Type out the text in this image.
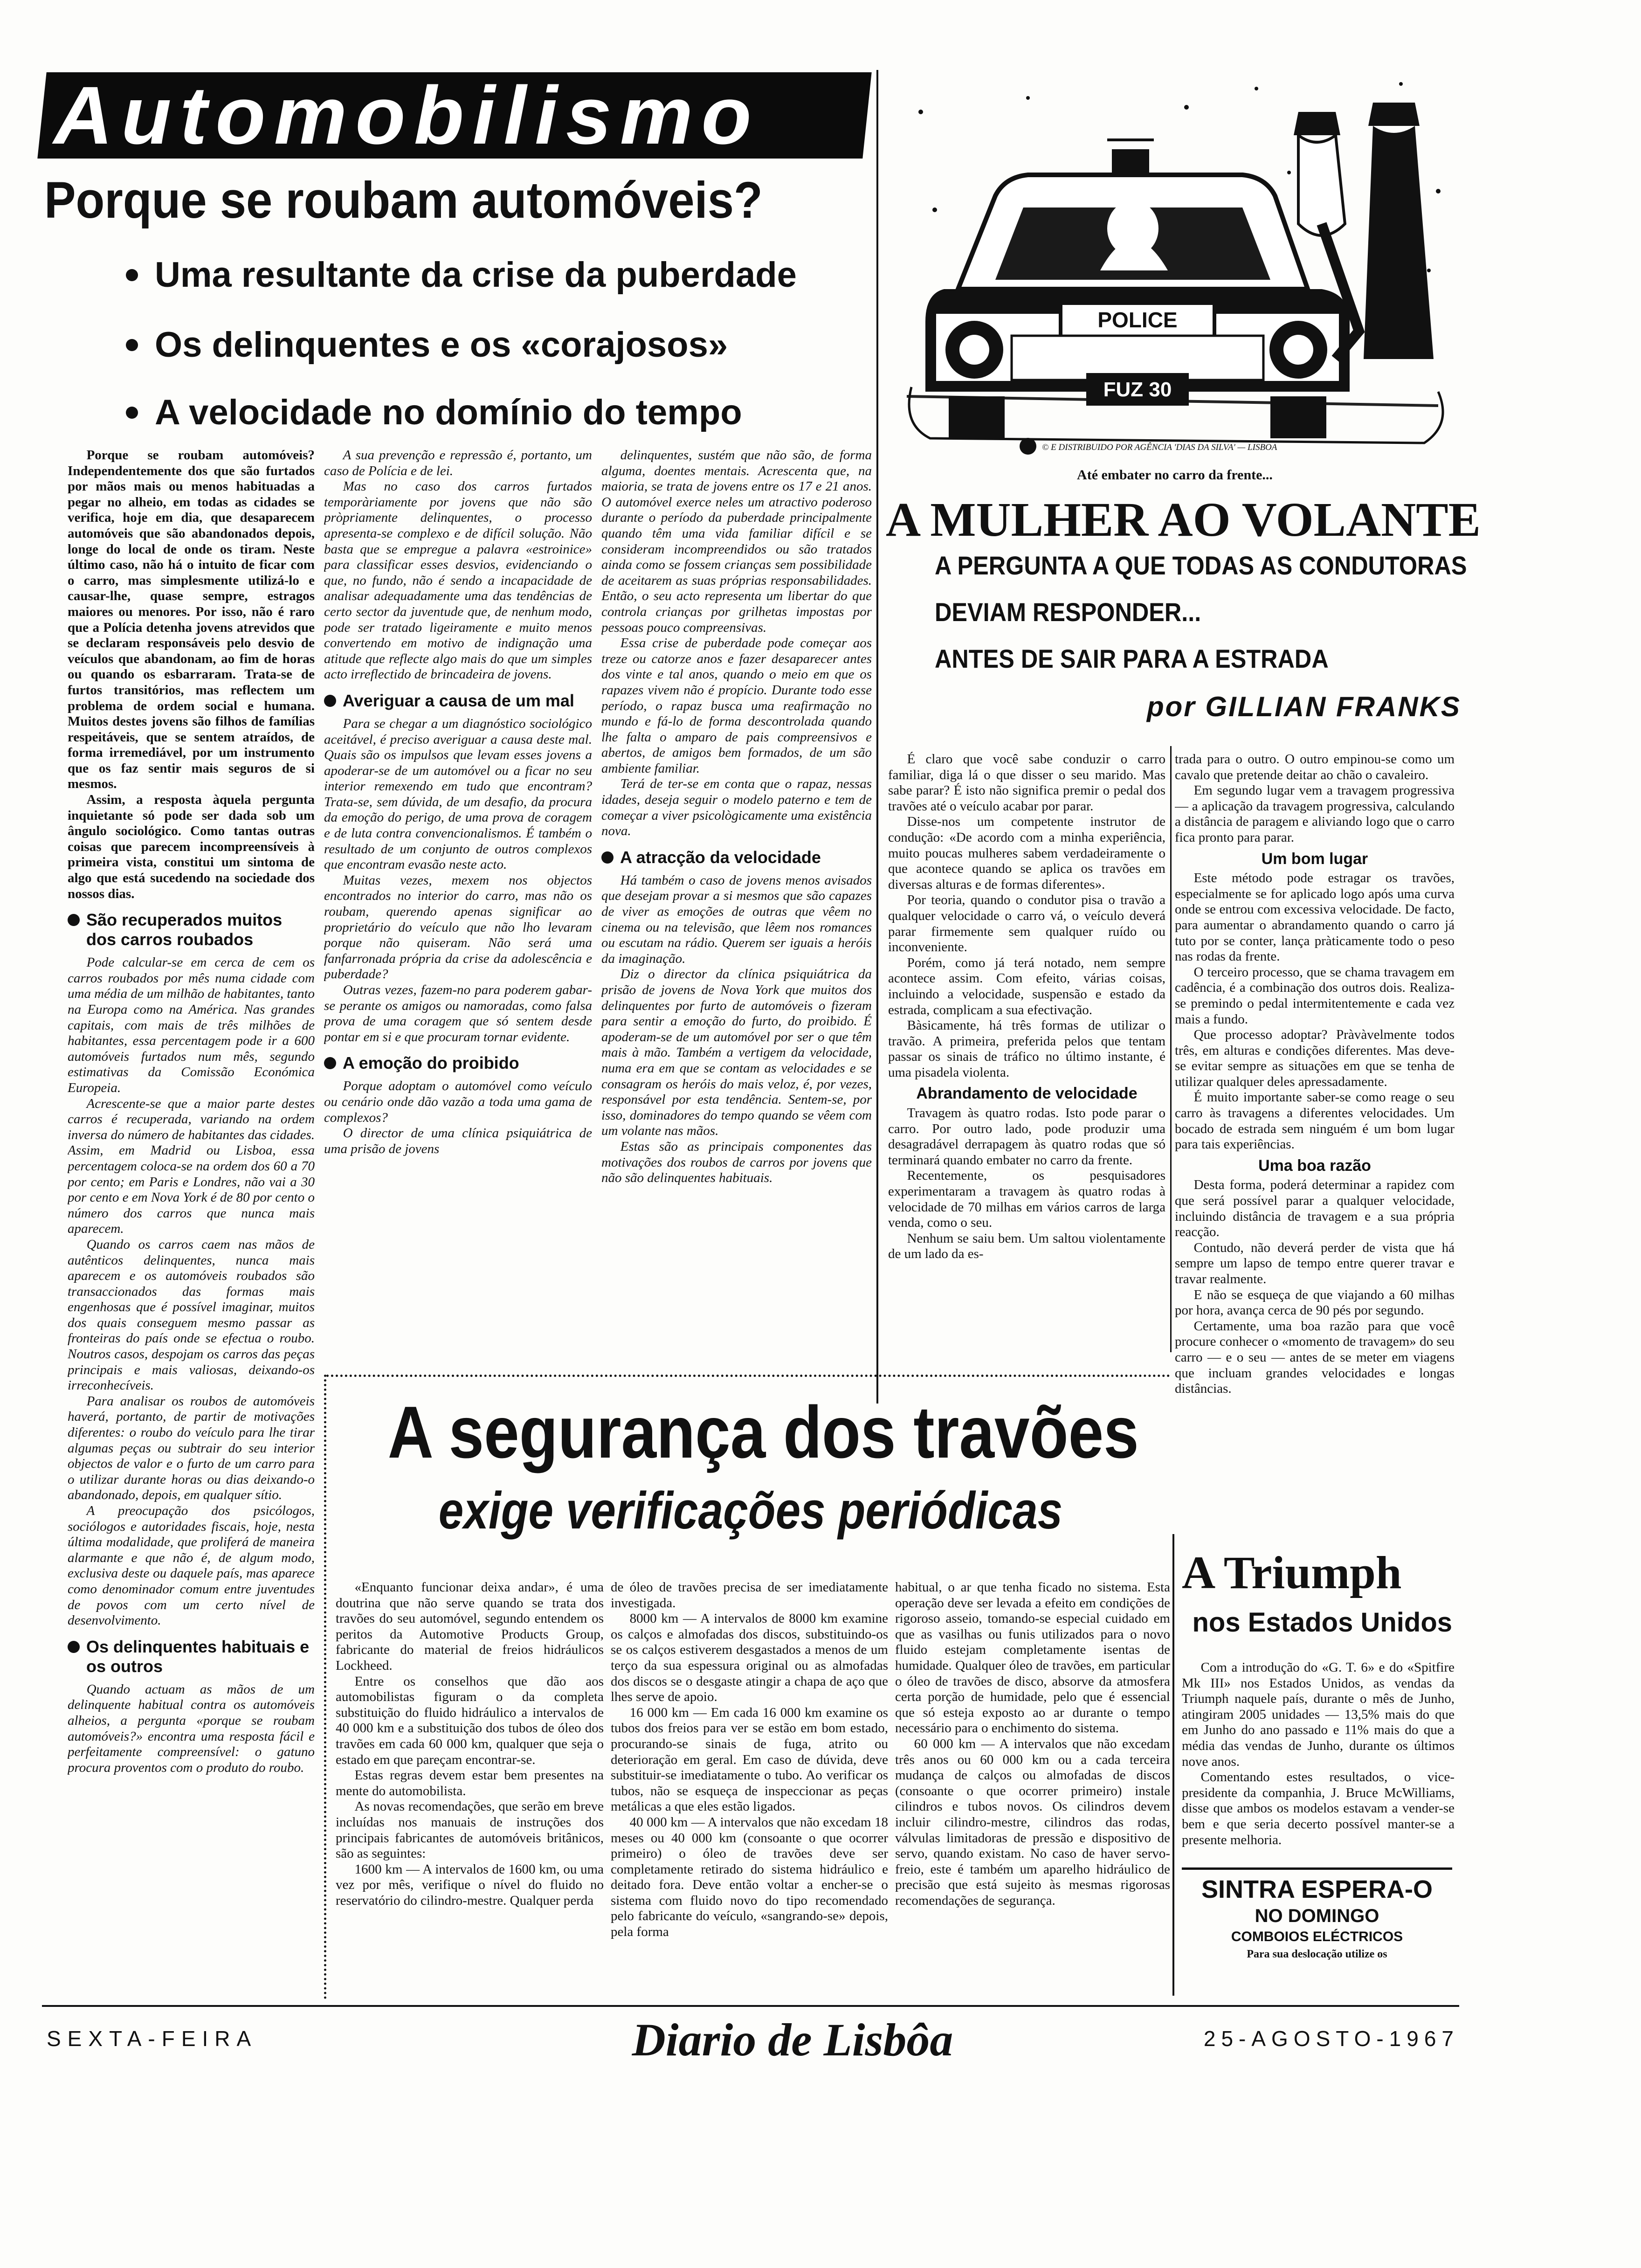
Automobilismo
Porque se roubam automóveis?
Uma resultante da crise da puberdade
Os delinquentes e os «corajosos»
A velocidade no domínio do tempo

Porque se roubam automóveis? Independentemente dos que são furtados por mãos mais ou menos habituadas a pegar no alheio, em todas as cidades se verifica, hoje em dia, que desaparecem automóveis que são abandonados depois, longe do local de onde os tiram. Neste último caso, não há o intuito de ficar com o carro, mas simplesmente utilizá-lo e causar-lhe, quase sempre, estragos maiores ou menores. Por isso, não é raro que a Polícia detenha jovens atrevidos que se declaram responsáveis pelo desvio de veículos que abandonam, ao fim de horas ou quando os esbarraram. Trata-se de furtos transitórios, mas reflectem um problema de ordem social e humana. Muitos destes jovens são filhos de famílias respeitáveis, que se sentem atraídos, de forma irremediável, por um instrumento que os faz sentir mais seguros de si mesmos.

Assim, a resposta àquela pergunta inquietante só pode ser dada sob um ângulo sociológico. Como tantas outras coisas que parecem incompreensíveis à primeira vista, constitui um sintoma de algo que está sucedendo na sociedade dos nossos dias.

São recuperados muitos dos carros roubados

Pode calcular-se em cerca de cem os carros roubados por mês numa cidade com uma média de um milhão de habitantes, tanto na Europa como na América. Nas grandes capitais, com mais de três milhões de habitantes, essa percentagem pode ir a 600 automóveis furtados num mês, segundo estimativas da Comissão Económica Europeia.

Acrescente-se que a maior parte destes carros é recuperada, variando na ordem inversa do número de habitantes das cidades. Assim, em Madrid ou Lisboa, essa percentagem coloca-se na ordem dos 60 a 70 por cento; em Paris e Londres, não vai a 30 por cento e em Nova York é de 80 por cento o número dos carros que nunca mais aparecem.

Quando os carros caem nas mãos de autênticos delinquentes, nunca mais aparecem e os automóveis roubados são transaccionados das formas mais engenhosas que é possível imaginar, muitos dos quais conseguem mesmo passar as fronteiras do país onde se efectua o roubo. Noutros casos, despojam os carros das peças principais e mais valiosas, deixando-os irreconhecíveis.

Para analisar os roubos de automóveis haverá, portanto, de partir de motivações diferentes: o roubo do veículo para lhe tirar algumas peças ou subtrair do seu interior objectos de valor e o furto de um carro para o utilizar durante horas ou dias deixando-o abandonado, depois, em qualquer sítio.

A preocupação dos psicólogos, sociólogos e autoridades fiscais, hoje, nesta última modalidade, que proliferá de maneira alarmante e que não é, de algum modo, exclusiva deste ou daquele país, mas aparece como denominador comum entre juventudes de povos com um certo nível de desenvolvimento.

Os delinquentes habituais e os outros

Quando actuam as mãos de um delinquente habitual contra os automóveis alheios, a pergunta «porque se roubam automóveis?» encontra uma resposta fácil e perfeitamente compreensível: o gatuno procura proventos com o produto do roubo.

A sua prevenção e repressão é, portanto, um caso de Polícia e de lei.

Mas no caso dos carros furtados temporàriamente por jovens que não são pròpriamente delinquentes, o processo apresenta-se complexo e de difícil solução. Não basta que se empregue a palavra «estroinice» para classificar esses desvios, evidenciando o que, no fundo, não é sendo a incapacidade de analisar adequadamente uma das tendências de certo sector da juventude que, de nenhum modo, pode ser tratado ligeiramente e muito menos convertendo em motivo de indignação uma atitude que reflecte algo mais do que um simples acto irreflectido de brincadeira de jovens.

Averiguar a causa de um mal

Para se chegar a um diagnóstico sociológico aceitável, é preciso averiguar a causa deste mal. Quais são os impulsos que levam esses jovens a apoderar-se de um automóvel ou a ficar no seu interior remexendo em tudo que encontram? Trata-se, sem dúvida, de um desafio, da procura da emoção do perigo, de uma prova de coragem e de luta contra convencionalismos. É também o resultado de um conjunto de outros complexos que encontram evasão neste acto.

Muitas vezes, mexem nos objectos encontrados no interior do carro, mas não os roubam, querendo apenas significar ao proprietário do veículo que não lho levaram porque não quiseram. Não será uma fanfarronada própria da crise da adolescência e puberdade?

Outras vezes, fazem-no para poderem gabar-se perante os amigos ou namoradas, como falsa prova de uma coragem que só sentem desde pontar em si e que procuram tornar evidente.

A emoção do proibido

Porque adoptam o automóvel como veículo ou cenário onde dão vazão a toda uma gama de complexos?

O director de uma clínica psiquiátrica de uma prisão de jovens

delinquentes, sustém que não são, de forma alguma, doentes mentais. Acrescenta que, na maioria, se trata de jovens entre os 17 e 21 anos. O automóvel exerce neles um atractivo poderoso durante o período da puberdade principalmente quando têm uma vida familiar difícil e se consideram incompreendidos ou são tratados ainda como se fossem crianças sem possibilidade de aceitarem as suas próprias responsabilidades. Então, o seu acto representa um libertar do que controla crianças por grilhetas impostas por pessoas pouco compreensivas.

Essa crise de puberdade pode começar aos treze ou catorze anos e fazer desaparecer antes dos vinte e tal anos, quando o meio em que os rapazes vivem não é propício. Durante todo esse período, o rapaz busca uma reafirmação no mundo e fá-lo de forma descontrolada quando lhe falta o amparo de pais compreensivos e abertos, de amigos bem formados, de um são ambiente familiar.

Terá de ter-se em conta que o rapaz, nessas idades, deseja seguir o modelo paterno e tem de começar a viver psicològicamente uma existência nova.

A atracção da velocidade

Há também o caso de jovens menos avisados que desejam provar a si mesmos que são capazes de viver as emoções de outras que vêem no cinema ou na televisão, que lêem nos romances ou escutam na rádio. Querem ser iguais a heróis da imaginação.

Diz o director da clínica psiquiátrica da prisão de jovens de Nova York que muitos dos delinquentes por furto de automóveis o fizeram para sentir a emoção do furto, do proibido. É apoderam-se de um automóvel por ser o que têm mais à mão. Também a vertigem da velocidade, numa era em que se contam as velocidades e se consagram os heróis do mais veloz, é, por vezes, responsável por esta tendência. Sentem-se, por isso, dominadores do tempo quando se vêem com um volante nas mãos.

Estas são as principais componentes das motivações dos roubos de carros por jovens que não são delinquentes habituais.

POLICE
FUZ 30
© E DISTRIBUIDO POR AGÊNCIA 'DIAS DA SILVA' — LISBOA
Até embater no carro da frente...
A MULHER AO VOLANTE
A PERGUNTA A QUE TODAS AS CONDUTORAS
DEVIAM RESPONDER...
ANTES DE SAIR PARA A ESTRADA
por GILLIAN FRANKS

É claro que você sabe conduzir o carro familiar, diga lá o que disser o seu marido. Mas sabe parar? É isto não significa premir o pedal dos travões até o veículo acabar por parar.

Disse-nos um competente instrutor de condução: «De acordo com a minha experiência, muito poucas mulheres sabem verdadeiramente o que acontece quando se aplica os travões em diversas alturas e de formas diferentes».

Por teoria, quando o condutor pisa o travão a qualquer velocidade o carro vá, o veículo deverá parar firmemente sem qualquer ruído ou inconveniente.

Porém, como já terá notado, nem sempre acontece assim. Com efeito, várias coisas, incluindo a velocidade, suspensão e estado da estrada, complicam a sua efectivação.

Bàsicamente, há três formas de utilizar o travão. A primeira, preferida pelos que tentam passar os sinais de tráfico no último instante, é uma pisadela violenta.

Abrandamento de velocidade

Travagem às quatro rodas. Isto pode parar o carro. Por outro lado, pode produzir uma desagradável derrapagem às quatro rodas que só terminará quando embater no carro da frente.

Recentemente, os pesquisadores experimentaram a travagem às quatro rodas à velocidade de 70 milhas em vários carros de larga venda, como o seu.

Nenhum se saiu bem. Um saltou violentamente de um lado da es-

trada para o outro. O outro empinou-se como um cavalo que pretende deitar ao chão o cavaleiro.

Em segundo lugar vem a travagem progressiva — a aplicação da travagem progressiva, calculando a distância de paragem e aliviando logo que o carro fica pronto para parar.

Um bom lugar

Este método pode estragar os travões, especialmente se for aplicado logo após uma curva onde se entrou com excessiva velocidade. De facto, para aumentar o abrandamento quando o carro já tuto por se conter, lança pràticamente todo o peso nas rodas da frente.

O terceiro processo, que se chama travagem em cadência, é a combinação dos outros dois. Realiza-se premindo o pedal intermitentemente e cada vez mais a fundo.

Que processo adoptar? Pràvàvelmente todos três, em alturas e condições diferentes. Mas deve-se evitar sempre as situações em que se tenha de utilizar qualquer deles apressadamente.

É muito importante saber-se como reage o seu carro às travagens a diferentes velocidades. Um bocado de estrada sem ninguém é um bom lugar para tais experiências.

Uma boa razão

Desta forma, poderá determinar a rapidez com que será possível parar a qualquer velocidade, incluindo distância de travagem e a sua própria reacção.

Contudo, não deverá perder de vista que há sempre um lapso de tempo entre querer travar e travar realmente.

E não se esqueça de que viajando a 60 milhas por hora, avança cerca de 90 pés por segundo.

Certamente, uma boa razão para que você procure conhecer o «momento de travagem» do seu carro — e o seu — antes de se meter em viagens que incluam grandes velocidades e longas distâncias.

A segurança dos travões
exige verificações periódicas

«Enquanto funcionar deixa andar», é uma doutrina que não serve quando se trata dos travões do seu automóvel, segundo entendem os peritos da Automotive Products Group, fabricante do material de freios hidráulicos Lockheed.

Entre os conselhos que dão aos automobilistas figuram o da completa substituição do fluido hidráulico a intervalos de 40 000 km e a substituição dos tubos de óleo dos travões em cada 60 000 km, qualquer que seja o estado em que pareçam encontrar-se.

Estas regras devem estar bem presentes na mente do automobilista.

As novas recomendações, que serão em breve incluídas nos manuais de instruções dos principais fabricantes de automóveis britânicos, são as seguintes:

1600 km — A intervalos de 1600 km, ou uma vez por mês, verifique o nível do fluido no reservatório do cilindro-mestre. Qualquer perda

de óleo de travões precisa de ser imediatamente investigada.

8000 km — A intervalos de 8000 km examine os calços e almofadas dos discos, substituindo-os se os calços estiverem desgastados a menos de um terço da sua espessura original ou as almofadas dos discos se o desgaste atingir a chapa de aço que lhes serve de apoio.

16 000 km — Em cada 16 000 km examine os tubos dos freios para ver se estão em bom estado, procurando-se sinais de fuga, atrito ou deterioração em geral. Em caso de dúvida, deve substituir-se imediatamente o tubo. Ao verificar os tubos, não se esqueça de inspeccionar as peças metálicas a que eles estão ligados.

40 000 km — A intervalos que não excedam 18 meses ou 40 000 km (consoante o que ocorrer primeiro) o óleo de travões deve ser completamente retirado do sistema hidráulico e deitado fora. Deve então voltar a encher-se o sistema com fluido novo do tipo recomendado pelo fabricante do veículo, «sangrando-se» depois, pela forma

habitual, o ar que tenha ficado no sistema. Esta operação deve ser levada a efeito em condições de rigoroso asseio, tomando-se especial cuidado em que as vasilhas ou funis utilizados para o novo fluido estejam completamente isentas de humidade. Qualquer óleo de travões, em particular o óleo de travões de disco, absorve da atmosfera certa porção de humidade, pelo que é essencial que só esteja exposto ao ar durante o tempo necessário para o enchimento do sistema.

60 000 km — A intervalos que não excedam três anos ou 60 000 km ou a cada terceira mudança de calços ou almofadas de discos (consoante o que ocorrer primeiro) instale cilindros e tubos novos. Os cilindros devem incluir cilindro-mestre, cilindros das rodas, válvulas limitadoras de pressão e dispositivo de servo, quando existam. No caso de haver servo-freio, este é também um aparelho hidráulico de precisão que está sujeito às mesmas rigorosas recomendações de segurança.

A Triumph
nos Estados Unidos

Com a introdução do «G. T. 6» e do «Spitfire Mk III» nos Estados Unidos, as vendas da Triumph naquele país, durante o mês de Junho, atingiram 2005 unidades — 13,5% mais do que em Junho do ano passado e 11% mais do que a média das vendas de Junho, durante os últimos nove anos.

Comentando estes resultados, o vice-presidente da companhia, J. Bruce McWilliams, disse que ambos os modelos estavam a vender-se bem e que seria decerto possível manter-se a presente melhoria.

SINTRA ESPERA-O
NO DOMINGO
COMBOIOS ELÉCTRICOS
Para sua deslocação utilize os
SEXTA-FEIRA	Diario de Lisbôa	25-AGOSTO-1967
